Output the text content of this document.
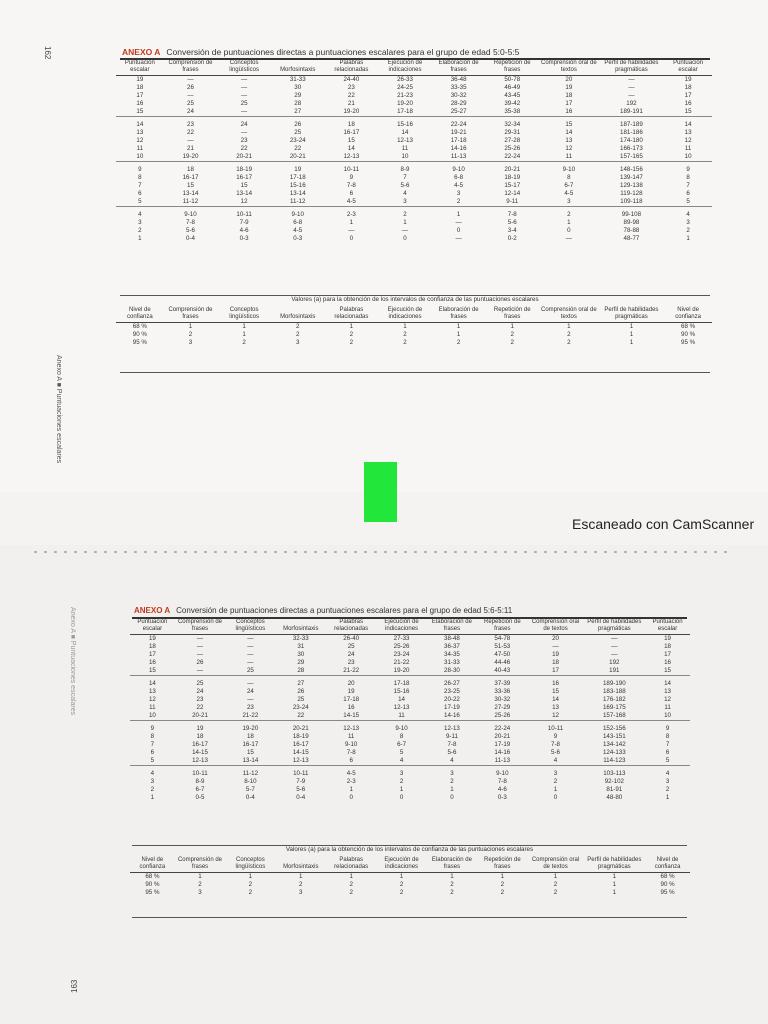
162
Anexo A ■ Puntuaciones escalares
ANEXO A Conversión de puntuaciones directas a puntuaciones escalares para el grupo de edad 5:0-5:5
Puntuación escalar	Comprensión de frases	Conceptos lingüísticos	Morfosintaxis	Palabras relacionadas	Ejecución de indicaciones	Elaboración de frases	Repetición de frases	Comprensión oral de textos	Perfil de habilidades pragmáticas	Puntuación escalar
19	—	—	31-33	24-40	26-33	36-48	50-78	20	—	19
18	26	—	30	23	24-25	33-35	46-49	19	—	18
17	—	—	29	22	21-23	30-32	43-45	18	—	17
16	25	25	28	21	19-20	28-29	39-42	17	192	16
15	24	—	27	19-20	17-18	25-27	35-38	16	189-191	15
14	23	24	26	18	15-16	22-24	32-34	15	187-189	14
13	22	—	25	16-17	14	19-21	29-31	14	181-186	13
12	—	23	23-24	15	12-13	17-18	27-28	13	174-180	12
11	21	22	22	14	11	14-16	25-26	12	166-173	11
10	19-20	20-21	20-21	12-13	10	11-13	22-24	11	157-165	10
9	18	18-19	19	10-11	8-9	9-10	20-21	9-10	148-156	9
8	16-17	16-17	17-18	9	7	6-8	18-19	8	139-147	8
7	15	15	15-16	7-8	5-6	4-5	15-17	6-7	129-138	7
6	13-14	13-14	13-14	6	4	3	12-14	4-5	119-128	6
5	11-12	12	11-12	4-5	3	2	9-11	3	109-118	5
4	9-10	10-11	9-10	2-3	2	1	7-8	2	99-108	4
3	7-8	7-9	6-8	1	1	—	5-6	1	89-98	3
2	5-6	4-6	4-5	—	—	0	3-4	0	78-88	2
1	0-4	0-3	0-3	0	0	—	0-2	—	48-77	1
Valores (a) para la obtención de los intervalos de confianza de las puntuaciones escalares
Nivel de confianza	Comprensión de frases	Conceptos lingüísticos	Morfosintaxis	Palabras relacionadas	Ejecución de indicaciones	Elaboración de frases	Repetición de frases	Comprensión oral de textos	Perfil de habilidades pragmáticas	Nivel de confianza
68 %	1	1	2	1	1	1	1	1	1	68 %
90 %	2	1	2	2	2	1	2	2	1	90 %
95 %	3	2	3	2	2	2	2	2	1	95 %
Escaneado con CamScanner
Anexo A ■ Puntuaciones escalares
163
ANEXO A Conversión de puntuaciones directas a puntuaciones escalares para el grupo de edad 5:6-5:11
Puntuación escalar	Comprensión de frases	Conceptos lingüísticos	Morfosintaxis	Palabras relacionadas	Ejecución de indicaciones	Elaboración de frases	Repetición de frases	Comprensión oral de textos	Perfil de habilidades pragmáticas	Puntuación escalar
19	—	—	32-33	26-40	27-33	38-48	54-78	20	—	19
18	—	—	31	25	25-26	36-37	51-53	—	—	18
17	—	—	30	24	23-24	34-35	47-50	19	—	17
16	26	—	29	23	21-22	31-33	44-46	18	192	16
15	—	25	28	21-22	19-20	28-30	40-43	17	191	15
14	25	—	27	20	17-18	26-27	37-39	16	189-190	14
13	24	24	26	19	15-16	23-25	33-36	15	183-188	13
12	23	—	25	17-18	14	20-22	30-32	14	176-182	12
11	22	23	23-24	16	12-13	17-19	27-29	13	169-175	11
10	20-21	21-22	22	14-15	11	14-16	25-26	12	157-168	10
9	19	19-20	20-21	12-13	9-10	12-13	22-24	10-11	152-156	9
8	18	18	18-19	11	8	9-11	20-21	9	143-151	8
7	16-17	16-17	16-17	9-10	6-7	7-8	17-19	7-8	134-142	7
6	14-15	15	14-15	7-8	5	5-6	14-16	5-6	124-133	6
5	12-13	13-14	12-13	6	4	4	11-13	4	114-123	5
4	10-11	11-12	10-11	4-5	3	3	9-10	3	103-113	4
3	8-9	8-10	7-9	2-3	2	2	7-8	2	92-102	3
2	6-7	5-7	5-6	1	1	1	4-6	1	81-91	2
1	0-5	0-4	0-4	0	0	0	0-3	0	48-80	1
Valores (a) para la obtención de los intervalos de confianza de las puntuaciones escalares
Nivel de confianza	Comprensión de frases	Conceptos lingüísticos	Morfosintaxis	Palabras relacionadas	Ejecución de indicaciones	Elaboración de frases	Repetición de frases	Comprensión oral de textos	Perfil de habilidades pragmáticas	Nivel de confianza
68 %	1	1	1	1	1	1	1	1	1	68 %
90 %	2	2	2	2	2	2	2	2	1	90 %
95 %	3	2	3	2	2	2	2	2	1	95 %
